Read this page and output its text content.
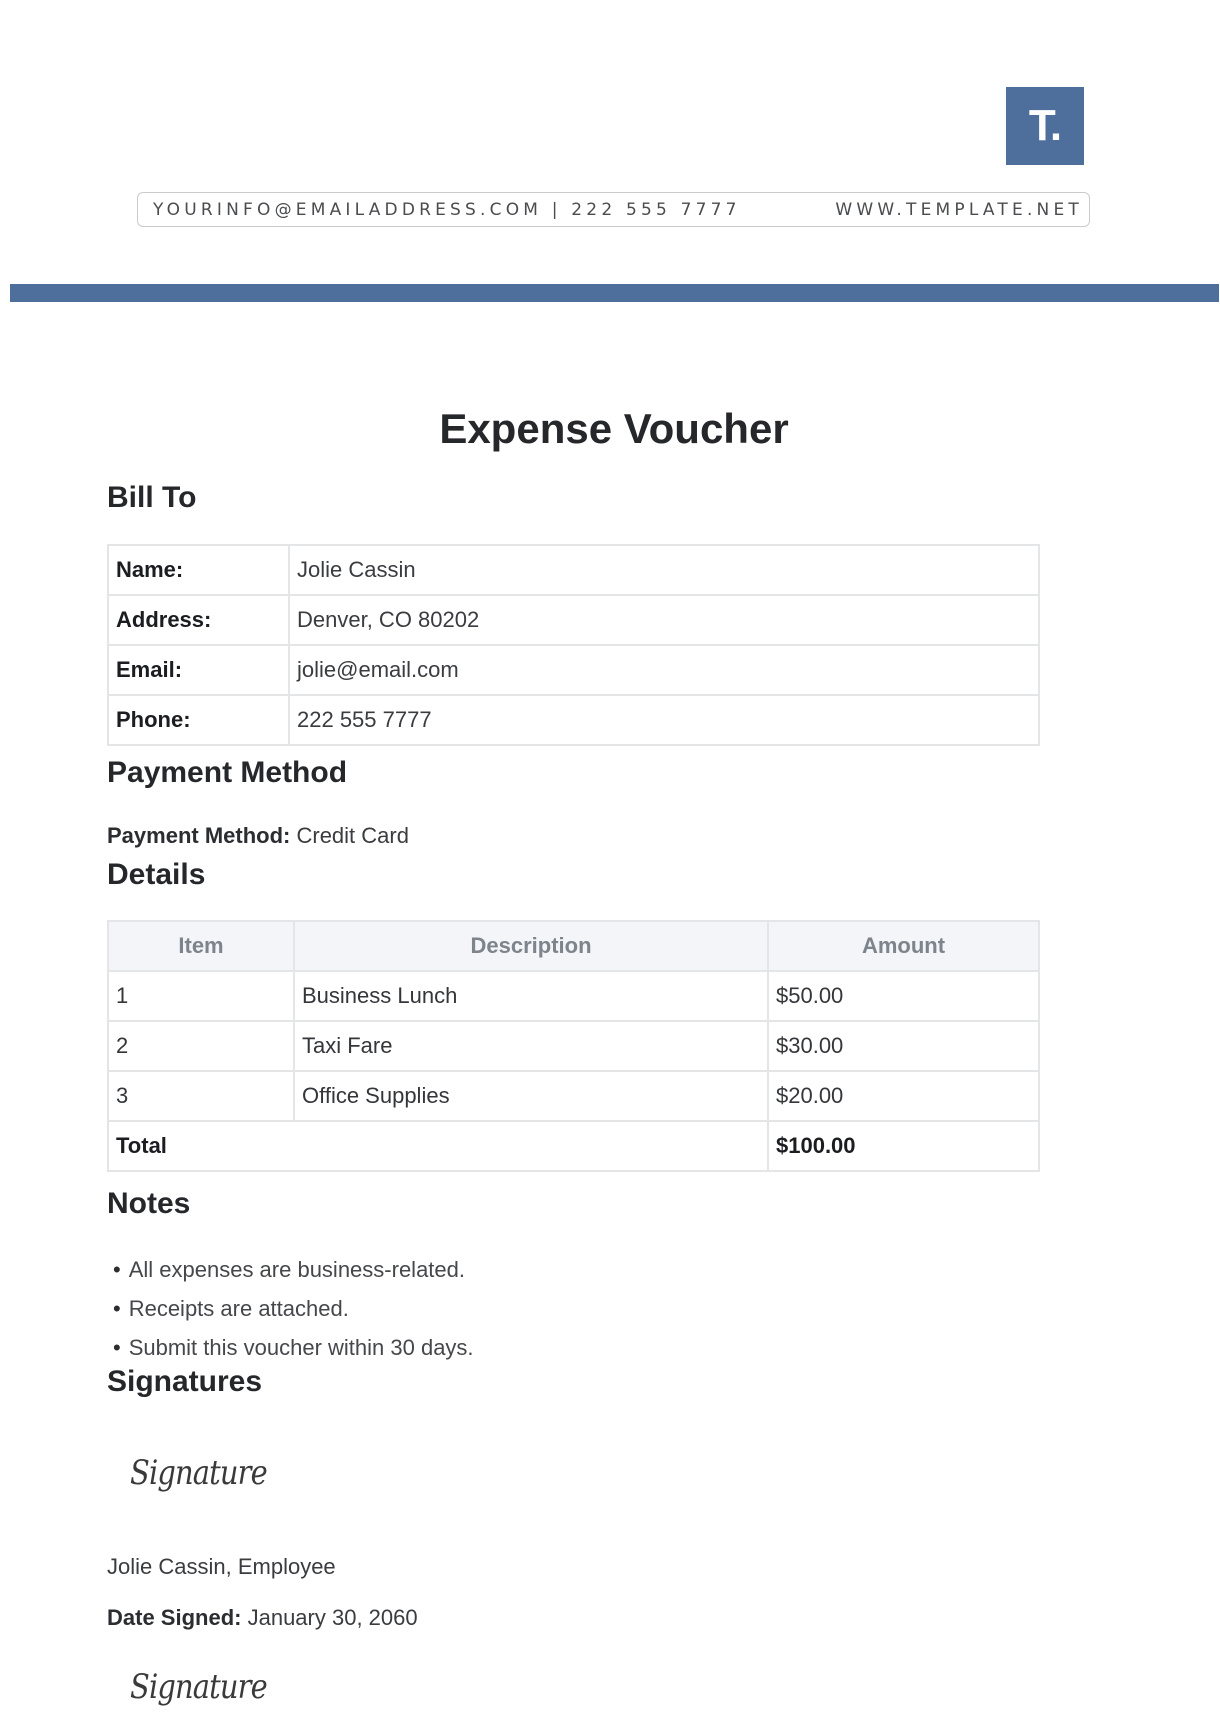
T.
YOURINFO@EMAILADDRESS.COM | 222 555 7777	WWW.TEMPLATE.NET
Expense Voucher
Bill To
Name:	Jolie Cassin
Address:	Denver, CO 80202
Email:	jolie@email.com
Phone:	222 555 7777
Payment Method
Payment Method: Credit Card
Details
Item	Description	Amount
1	Business Lunch	$50.00
2	Taxi Fare	$30.00
3	Office Supplies	$20.00
Total		$100.00
Notes
• All expenses are business-related.
• Receipts are attached.
• Submit this voucher within 30 days.
Signatures
Signature
Jolie Cassin, Employee
Date Signed: January 30, 2060
Signature
